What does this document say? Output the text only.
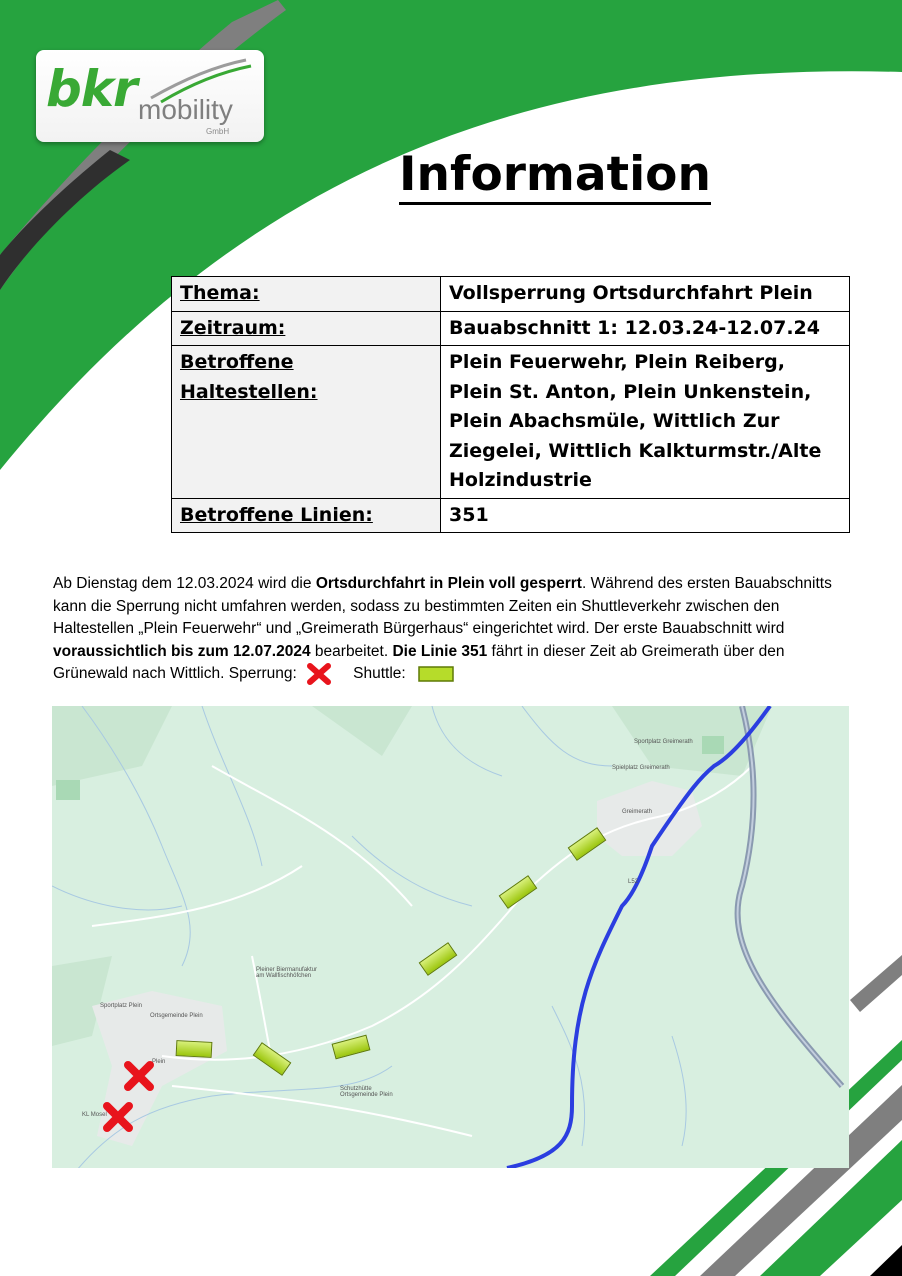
bkr mobility
GmbH
Information
Thema:	Vollsperrung Ortsdurchfahrt Plein
Zeitraum:	Bauabschnitt 1: 12.03.24-12.07.24
Betroffene Haltestellen:	Plein Feuerwehr, Plein Reiberg, Plein St. Anton, Plein Unkenstein, Plein Abachsmüle, Wittlich Zur Ziegelei, Wittlich Kalkturmstr./Alte Holzindustrie
Betroffene Linien:	351
Ab Dienstag dem 12.03.2024 wird die Ortsdurchfahrt in Plein voll gesperrt. Während des ersten Bauabschnitts kann die Sperrung nicht umfahren werden, sodass zu bestimmten Zeiten ein Shuttleverkehr zwischen den Haltestellen „Plein Feuerwehr“ und „Greimerath Bürgerhaus“ eingerichtet wird. Der erste Bauabschnitt wird voraussichtlich bis zum 12.07.2024 bearbeitet. Die Linie 351 fährt in dieser Zeit ab Greimerath über den Grünewald nach Wittlich. Sperrung:	Shuttle:
Sportplatz Greimerath
Spielplatz Greimerath
Greimerath
L52
Sportplatz Plein
Ortsgemeinde Plein
Plein
Pleiner Biermanufaktur am Wallfischhöfchen
Schutzhütte Ortsgemeinde Plein
KL Mosel
